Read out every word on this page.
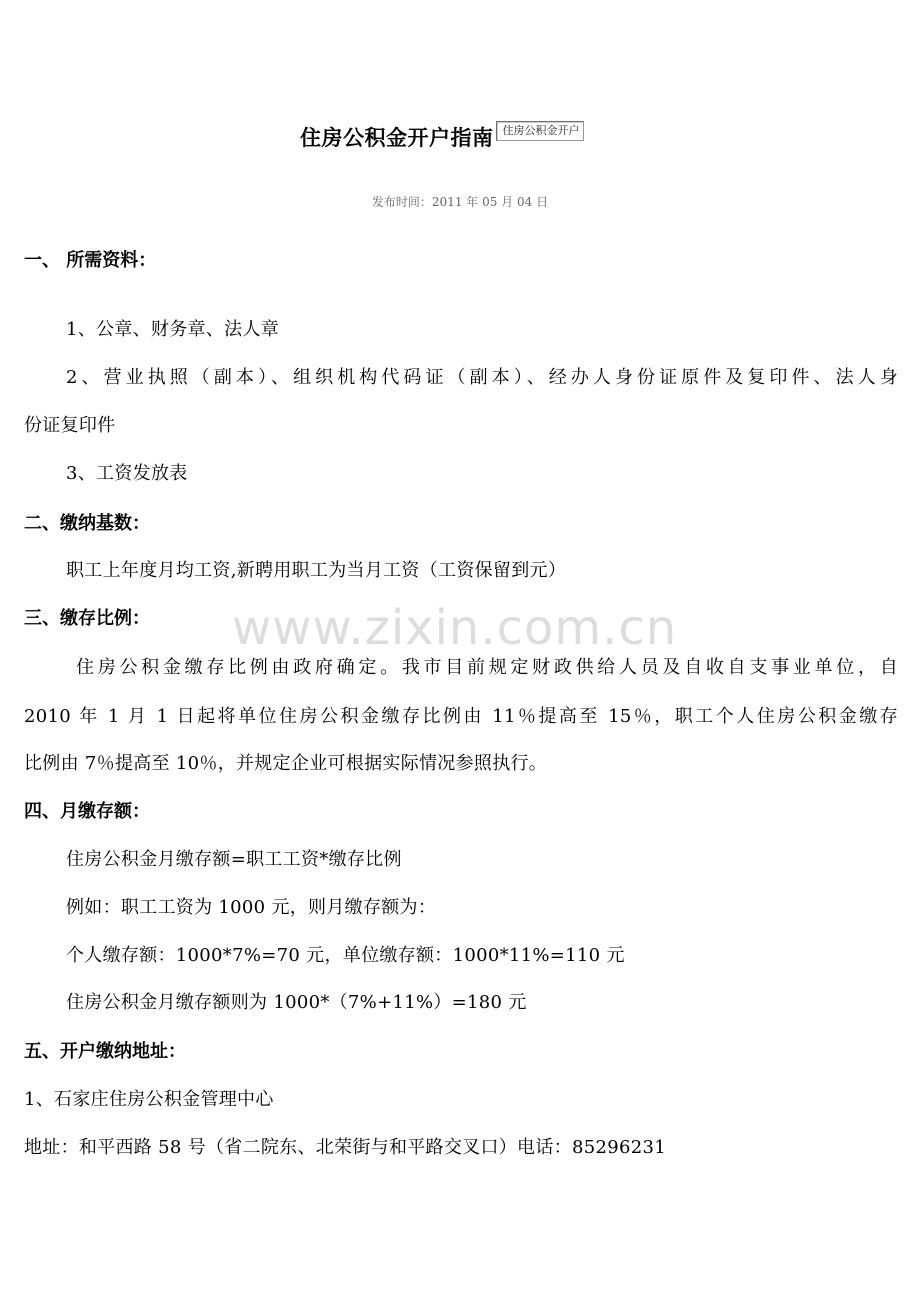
住房公积金开户指南 住房公积金开户
发布时间：2011 年 05 月 04 日
www.zixin.com.cn
一、 所需资料：
1、公章、财务章、法人章
2、营业执照（副本）、组织机构代码证（副本）、经办人身份证原件及复印件、法人身
份证复印件
3、工资发放表
二、缴纳基数：
职工上年度月均工资,新聘用职工为当月工资（工资保留到元）
三、缴存比例：
住房公积金缴存比例由政府确定。我市目前规定财政供给人员及自收自支事业单位，自
2010 年 1 月 1 日起将单位住房公积金缴存比例由 11％提高至 15％，职工个人住房公积金缴存
比例由 7％提高至 10％，并规定企业可根据实际情况参照执行。
四、月缴存额：
住房公积金月缴存额=职工工资*缴存比例
例如：职工工资为 1000 元，则月缴存额为：
个人缴存额：1000*7%=70 元，单位缴存额：1000*11%=110 元
住房公积金月缴存额则为 1000*（7%+11%）=180 元
五、开户缴纳地址：
1、石家庄住房公积金管理中心
地址：和平西路 58 号（省二院东、北荣街与和平路交叉口）电话：85296231
